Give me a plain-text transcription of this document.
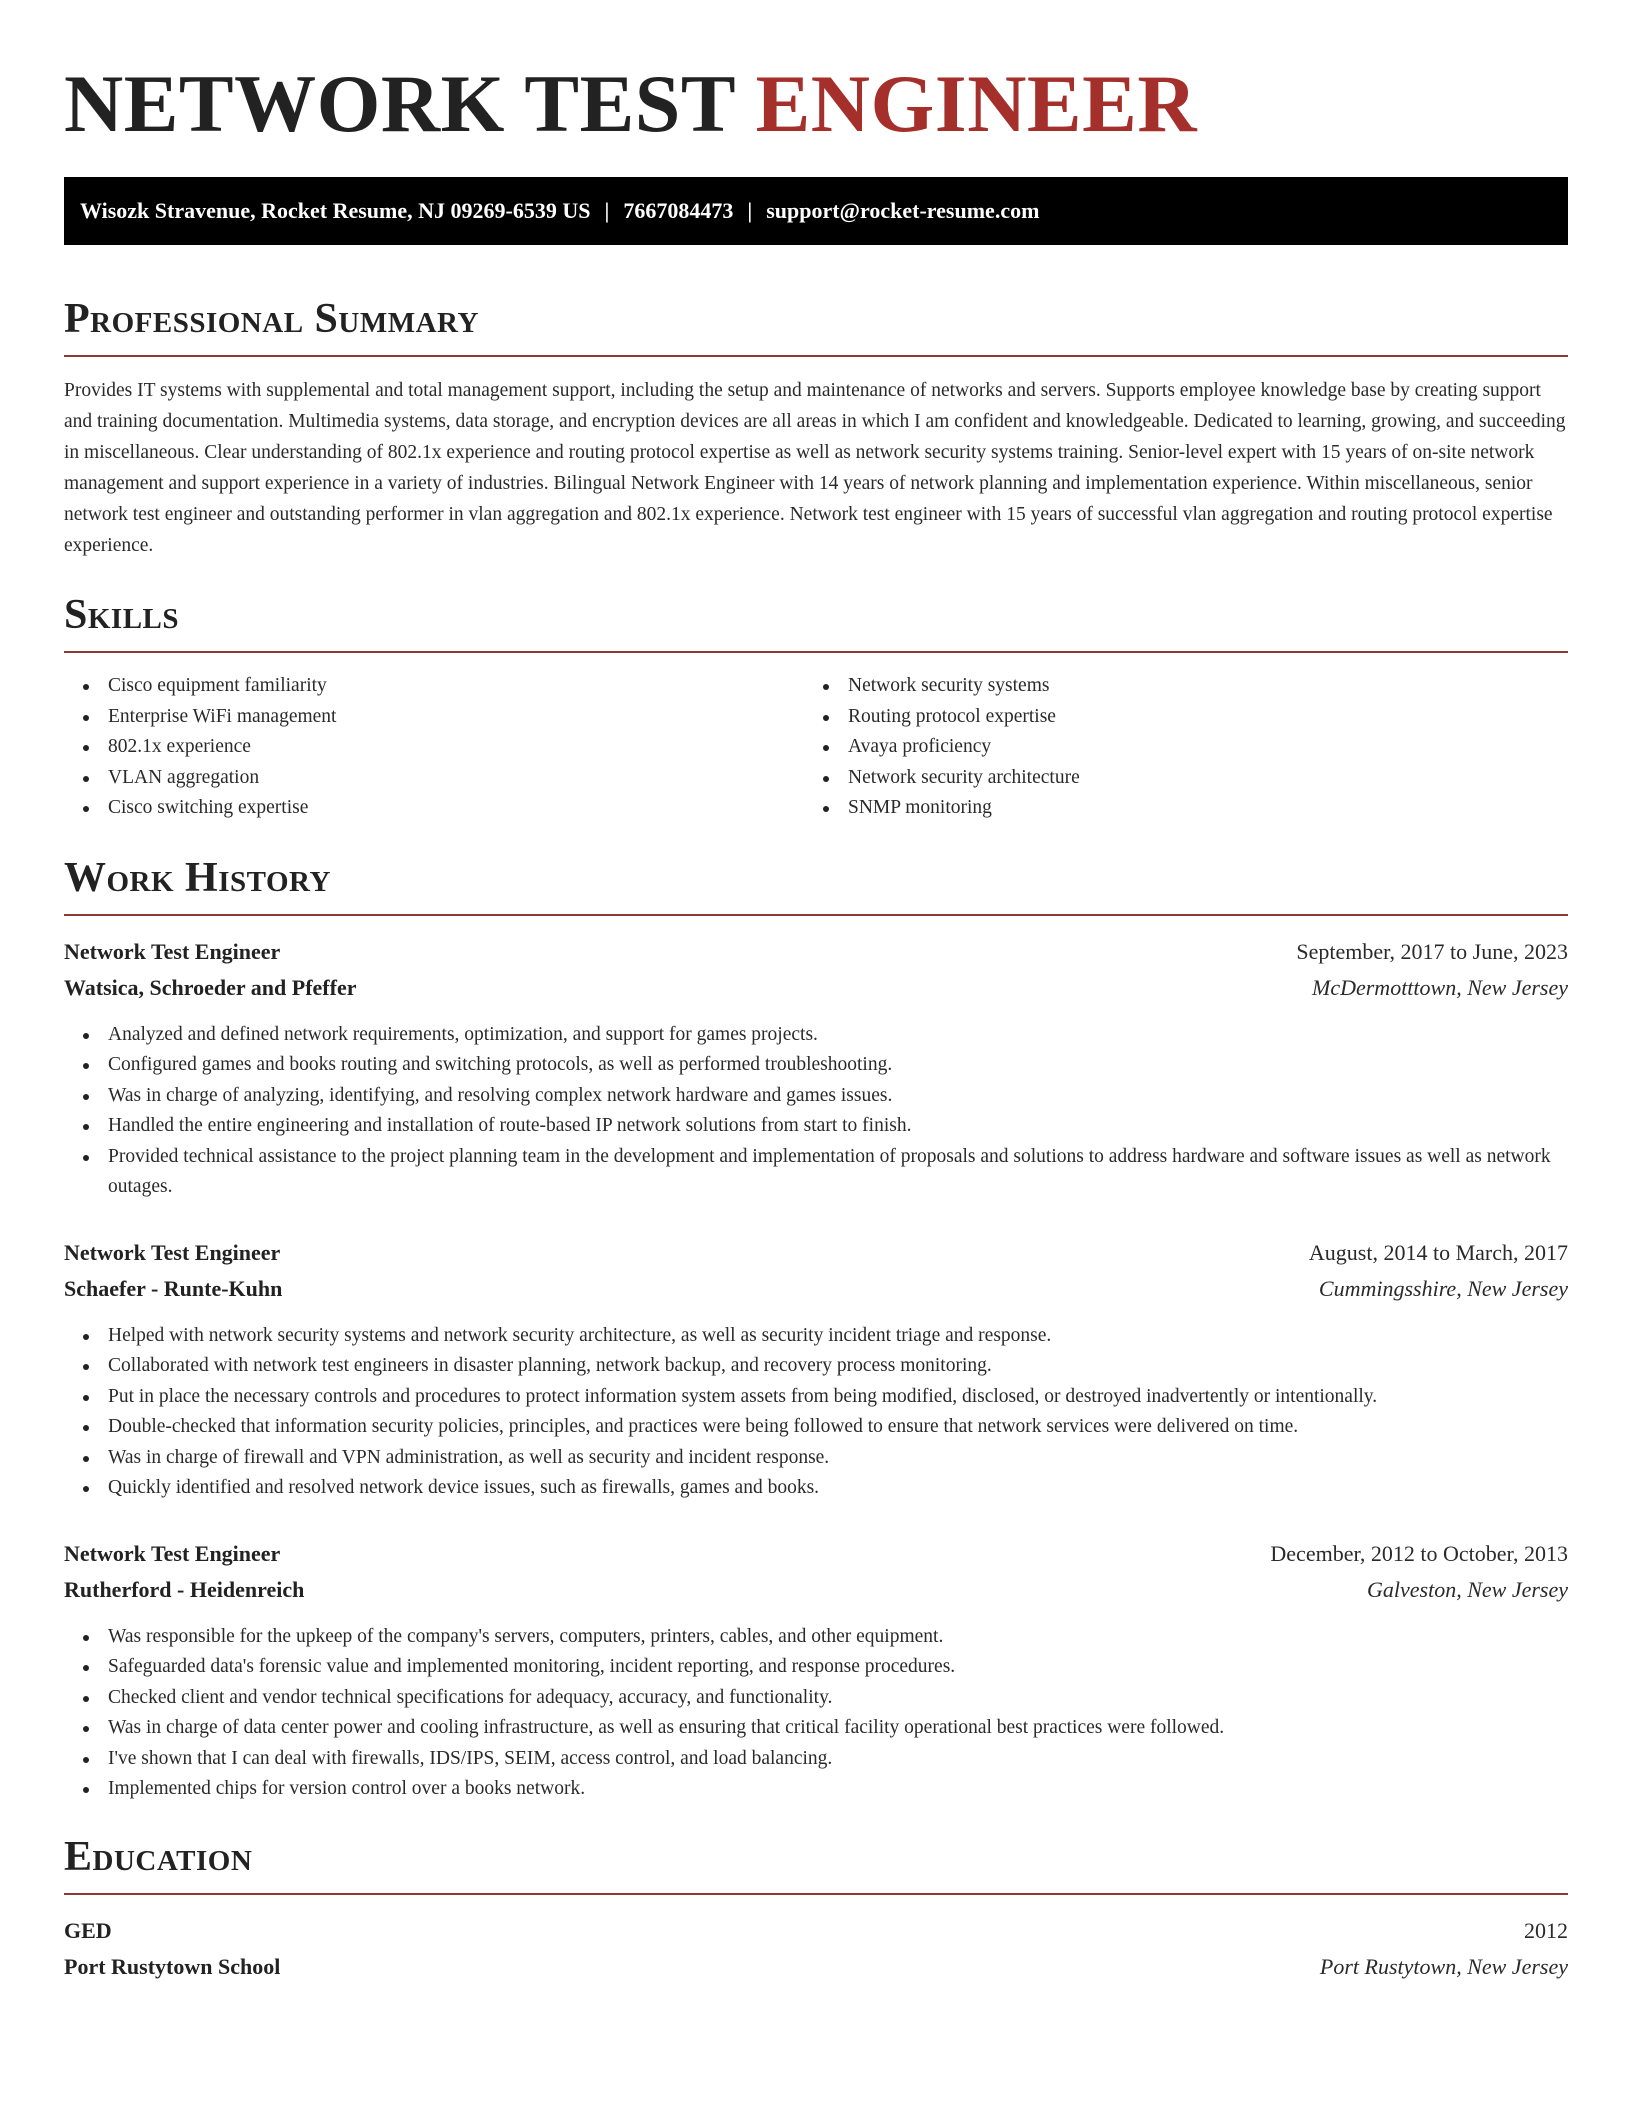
NETWORK TEST ENGINEER
Wisozk Stravenue, Rocket Resume, NJ 09269-6539 US | 7667084473 | support@rocket-resume.com
Professional Summary

Provides IT systems with supplemental and total management support, including the setup and maintenance of networks and servers. Supports employee knowledge base by creating support and training documentation. Multimedia systems, data storage, and encryption devices are all areas in which I am confident and knowledgeable. Dedicated to learning, growing, and succeeding in miscellaneous. Clear understanding of 802.1x experience and routing protocol expertise as well as network security systems training. Senior-level expert with 15 years of on-site network management and support experience in a variety of industries. Bilingual Network Engineer with 14 years of network planning and implementation experience. Within miscellaneous, senior network test engineer and outstanding performer in vlan aggregation and 802.1x experience. Network test engineer with 15 years of successful vlan aggregation and routing protocol expertise experience.

Skills
Cisco equipment familiarity
Enterprise WiFi management
802.1x experience
VLAN aggregation
Cisco switching expertise
Network security systems
Routing protocol expertise
Avaya proficiency
Network security architecture
SNMP monitoring
Work History
Network Test Engineer	September, 2017 to June, 2023
Watsica, Schroeder and Pfeffer	McDermotttown, New Jersey
Analyzed and defined network requirements, optimization, and support for games projects.
Configured games and books routing and switching protocols, as well as performed troubleshooting.
Was in charge of analyzing, identifying, and resolving complex network hardware and games issues.
Handled the entire engineering and installation of route-based IP network solutions from start to finish.
Provided technical assistance to the project planning team in the development and implementation of proposals and solutions to address hardware and software issues as well as network outages.
Network Test Engineer	August, 2014 to March, 2017
Schaefer - Runte-Kuhn	Cummingsshire, New Jersey
Helped with network security systems and network security architecture, as well as security incident triage and response.
Collaborated with network test engineers in disaster planning, network backup, and recovery process monitoring.
Put in place the necessary controls and procedures to protect information system assets from being modified, disclosed, or destroyed inadvertently or intentionally.
Double-checked that information security policies, principles, and practices were being followed to ensure that network services were delivered on time.
Was in charge of firewall and VPN administration, as well as security and incident response.
Quickly identified and resolved network device issues, such as firewalls, games and books.
Network Test Engineer	December, 2012 to October, 2013
Rutherford - Heidenreich	Galveston, New Jersey
Was responsible for the upkeep of the company's servers, computers, printers, cables, and other equipment.
Safeguarded data's forensic value and implemented monitoring, incident reporting, and response procedures.
Checked client and vendor technical specifications for adequacy, accuracy, and functionality.
Was in charge of data center power and cooling infrastructure, as well as ensuring that critical facility operational best practices were followed.
I've shown that I can deal with firewalls, IDS/IPS, SEIM, access control, and load balancing.
Implemented chips for version control over a books network.
Education
GED	2012
Port Rustytown School	Port Rustytown, New Jersey
